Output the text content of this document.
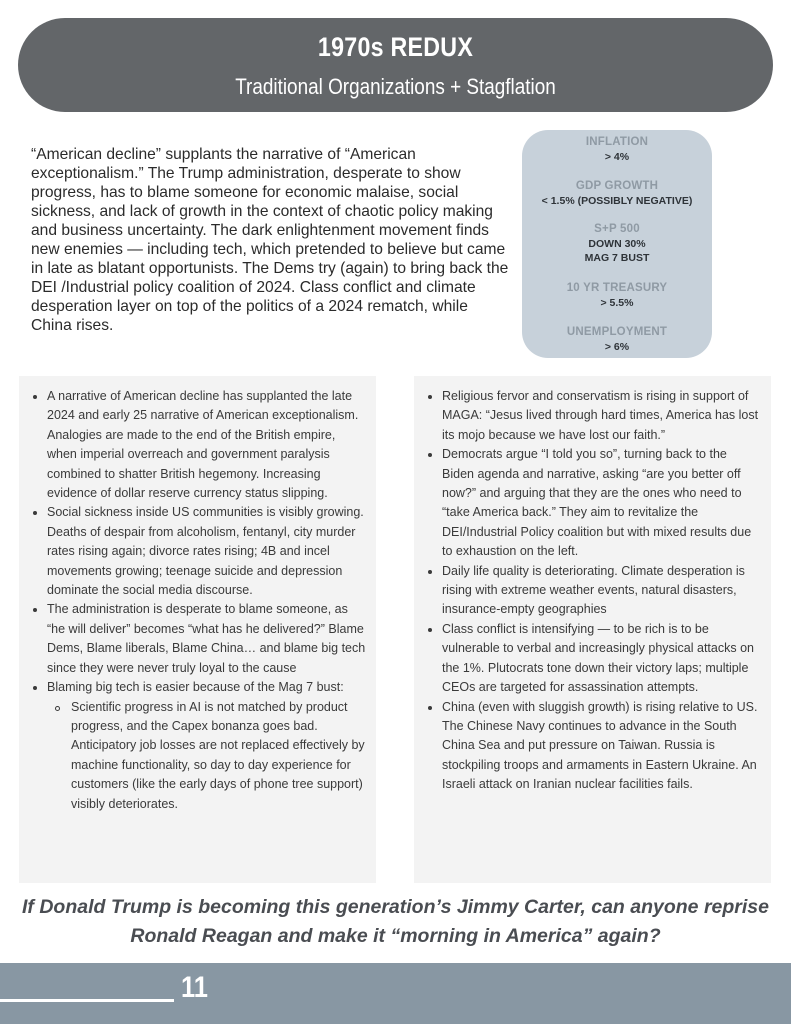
1970s REDUX
Traditional Organizations + Stagflation

“American decline” supplants the narrative of “American exceptionalism.” The Trump administration, desperate to show progress, has to blame someone for economic malaise, social sickness, and lack of growth in the context of chaotic policy making and business uncertainty. The dark enlightenment movement finds new enemies — including tech, which pretended to believe but came in late as blatant opportunists. The Dems try (again) to bring back the DEI /Industrial policy coalition of 2024. Class conflict and climate desperation layer on top of the politics of a 2024 rematch, while China rises.

INFLATION
> 4%
GDP GROWTH
< 1.5% (POSSIBLY NEGATIVE)
S+P 500
DOWN 30%
MAG 7 BUST
10 YR TREASURY
> 5.5%
UNEMPLOYMENT
> 6%
A narrative of American decline has supplanted the late 2024 and early 25 narrative of American exceptionalism. Analogies are made to the end of the British empire, when imperial overreach and government paralysis combined to shatter British hegemony. Increasing evidence of dollar reserve currency status slipping.
Social sickness inside US communities is visibly growing. Deaths of despair from alcoholism, fentanyl, city murder rates rising again; divorce rates rising; 4B and incel movements growing; teenage suicide and depression dominate the social media discourse.
The administration is desperate to blame someone, as “he will deliver” becomes “what has he delivered?” Blame Dems, Blame liberals, Blame China… and blame big tech since they were never truly loyal to the cause
Blaming big tech is easier because of the Mag 7 bust:
Scientific progress in AI is not matched by product progress, and the Capex bonanza goes bad. Anticipatory job losses are not replaced effectively by machine functionality, so day to day experience for customers (like the early days of phone tree support) visibly deteriorates.
Religious fervor and conservatism is rising in support of MAGA: “Jesus lived through hard times, America has lost its mojo because we have lost our faith.”
Democrats argue “I told you so”, turning back to the Biden agenda and narrative, asking “are you better off now?” and arguing that they are the ones who need to “take America back.” They aim to revitalize the DEI/Industrial Policy coalition but with mixed results due to exhaustion on the left.
Daily life quality is deteriorating. Climate desperation is rising with extreme weather events, natural disasters, insurance-empty geographies
Class conflict is intensifying — to be rich is to be vulnerable to verbal and increasingly physical attacks on the 1%. Plutocrats tone down their victory laps; multiple CEOs are targeted for assassination attempts.
China (even with sluggish growth) is rising relative to US. The Chinese Navy continues to advance in the South China Sea and put pressure on Taiwan. Russia is stockpiling troops and armaments in Eastern Ukraine. An Israeli attack on Iranian nuclear facilities fails.

If Donald Trump is becoming this generation’s Jimmy Carter, can anyone reprise Ronald Reagan and make it “morning in America” again?

11
